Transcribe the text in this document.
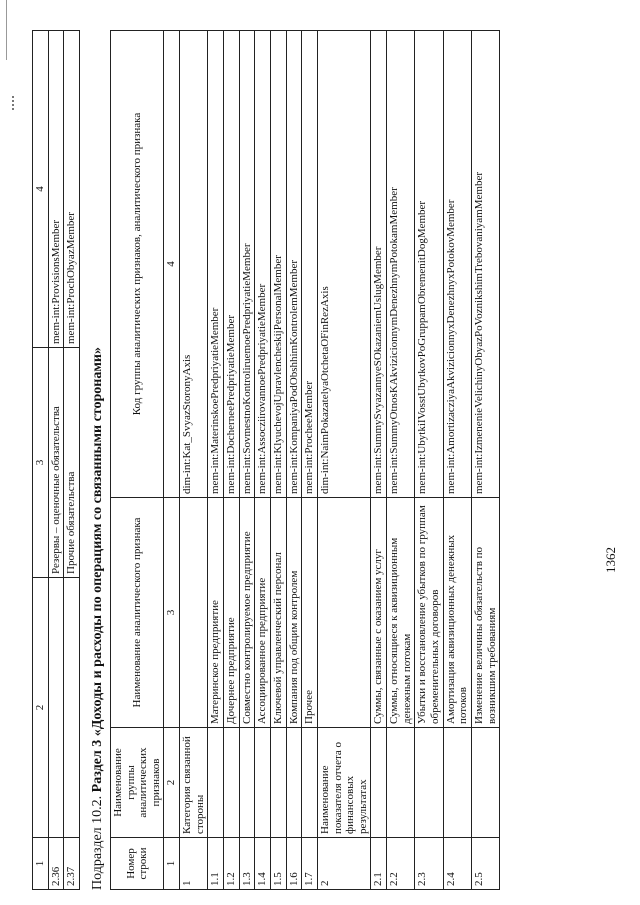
1362
1	2	3	4
2.36		Резервы – оценочные обязательства	mem-int:ProvisionsMember
2.37		Прочие обязательства	mem-int:ProchObyazMember
Подраздел 10.2. Раздел 3 «Доходы и расходы по операциям со связанными сторонами»
Номер строки	Наименование группы аналитических признаков	Наименование аналитического признака	Код группы аналитических признаков, аналитического признака
1	2	3	4
1	Категория связанной стороны		dim-int:Kat_SvyazStoronyAxis
1.1		Материнское предприятие	mem-int:MaterinskoePredpriyatieMember
1.2		Дочернее предприятие	mem-int:DocherneePredpriyatieMember
1.3		Совместно контролируемое предприятие	mem-int:SovmestnoKontroliruemoePredpriyatieMember
1.4		Ассоциированное предприятие	mem-int:AssocziirovannoePredpriyatieMember
1.5		Ключевой управленческий персонал	mem-int:KlyuchevojUpravlencheskijPersonalMember
1.6		Компания под общим контролем	mem-int:KompaniyaPodObshhimKontrolemMember
1.7		Прочее	mem-int:ProcheeMember
2	Наименование показателя отчета о финансовых результатах		dim-int:NaimPokazatelyaOtchetaOFinRezAxis
2.1		Суммы, связанные с оказанием услуг	mem-int:SummySvyazannyeSOkazaniemUslugMember
2.2		Суммы, относящиеся к аквизиционным денежным потокам	mem-int:SummyOtnosKAkvizicionnymDenezhnymPotokamMember
2.3		Убытки и восстановление убытков по группам обременительных договоров	mem-int:UbytkiIVosstUbytkovPoGruppamObremenitDogMember
2.4		Амортизация аквизиционных денежных потоков	mem-int:AmortizacziyaAkvizicionnyxDenezhnyxPotokovMember
2.5		Изменение величины обязательств по возникшим требованиям	mem-int:IzmenenieVelichinyObyazPoVoznikshimTrebovaniyamMember
